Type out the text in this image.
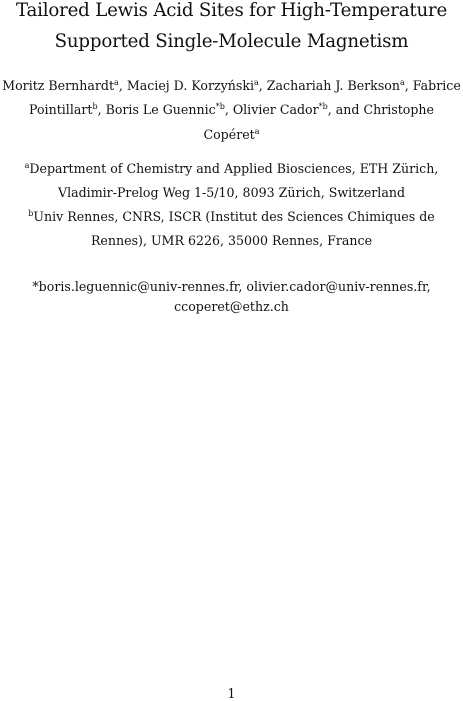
Tailored Lewis Acid Sites for High-Temperature
Supported Single-Molecule Magnetism
Moritz Bernhardt$^a$, Maciej D. Korzyński$^a$, Zachariah J. Berkson$^a$, Fabrice
Pointillart$^b$, Boris Le Guennic$^{*b}$, Olivier Cador$^{*b}$, and Christophe
Copéret$^a$
$^a$Department of Chemistry and Applied Biosciences, ETH Zürich,
Vladimir-Prelog Weg 1-5/10, 8093 Zürich, Switzerland
$^b$Univ Rennes, CNRS, ISCR (Institut des Sciences Chimiques de
Rennes), UMR 6226, 35000 Rennes, France
*boris.leguennic@univ-rennes.fr, olivier.cador@univ-rennes.fr,
ccoperet@ethz.ch
1
